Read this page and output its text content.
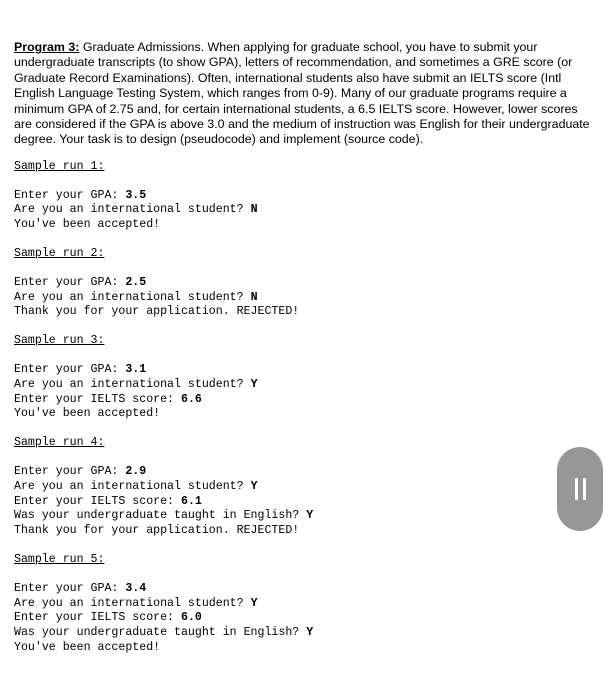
Program 3: Graduate Admissions. When applying for graduate school, you have to submit your undergraduate transcripts (to show GPA), letters of recommendation, and sometimes a GRE score (or Graduate Record Examinations). Often, international students also have submit an IELTS score (Intl English Language Testing System, which ranges from 0-9). Many of our graduate programs require a minimum GPA of 2.75 and, for certain international students, a 6.5 IELTS score. However, lower scores are considered if the GPA is above 3.0 and the medium of instruction was English for their undergraduate degree. Your task is to design (pseudocode) and implement (source code).

Sample run 1:
Enter your GPA: 3.5
Are you an international student? N
You've been accepted!
Sample run 2:
Enter your GPA: 2.5
Are you an international student? N
Thank you for your application. REJECTED!
Sample run 3:
Enter your GPA: 3.1
Are you an international student? Y
Enter your IELTS score: 6.6
You've been accepted!
Sample run 4:
Enter your GPA: 2.9
Are you an international student? Y
Enter your IELTS score: 6.1
Was your undergraduate taught in English? Y
Thank you for your application. REJECTED!
Sample run 5:
Enter your GPA: 3.4
Are you an international student? Y
Enter your IELTS score: 6.0
Was your undergraduate taught in English? Y
You've been accepted!
